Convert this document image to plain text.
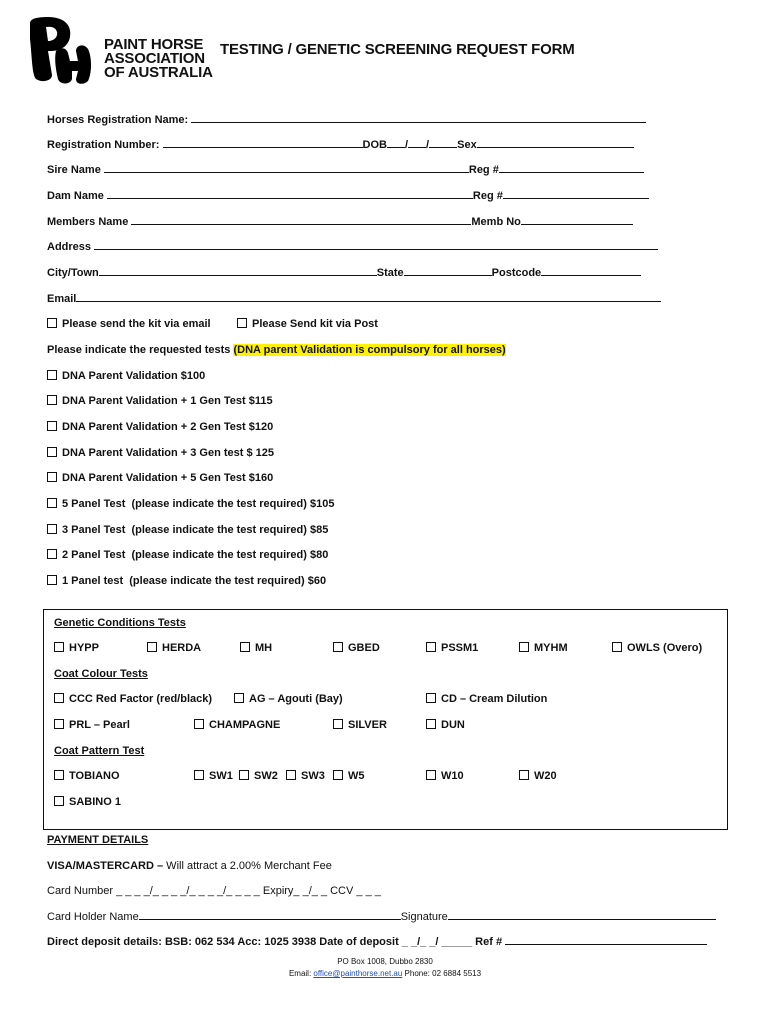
PAINT HORSE
ASSOCIATION
OF AUSTRALIA
TESTING / GENETIC SCREENING REQUEST FORM
Horses Registration Name:
Registration Number:	DOB / /	Sex
Sire Name	Reg #
Dam Name	Reg #
Members Name	Memb No
Address
City/Town	State	Postcode
Email
Please send the kit via email	Please Send kit via Post
Please indicate the requested tests (DNA parent Validation is compulsory for all horses)
DNA Parent Validation $100
DNA Parent Validation + 1 Gen Test $115
DNA Parent Validation + 2 Gen Test $120
DNA Parent Validation + 3 Gen test $ 125
DNA Parent Validation + 5 Gen Test $160
5 Panel Test  (please indicate the test required) $105
3 Panel Test  (please indicate the test required) $85
2 Panel Test  (please indicate the test required) $80
1 Panel test  (please indicate the test required) $60
Genetic Conditions Tests
HYPP	HERDA	MH	GBED	PSSM1	MYHM	OWLS (Overo)
Coat Colour Tests
CCC Red Factor (red/black)	AG – Agouti (Bay)	CD – Cream Dilution
PRL – Pearl	CHAMPAGNE	SILVER	DUN
Coat Pattern Test
TOBIANO	SW1	SW2	SW3	W5	W10	W20
SABINO 1
PAYMENT DETAILS
VISA/MASTERCARD – Will attract a 2.00% Merchant Fee
Card Number _ _ _ _/_ _ _ _/_ _ _ _/_ _ _ _ Expiry_ _/_ _ CCV _ _ _
Card Holder Name	Signature
Direct deposit details: BSB: 062 534 Acc: 1025 3938 Date of deposit _ _/_ _/ _____ Ref #
PO Box 1008, Dubbo 2830
Email: office@painthorse.net.au Phone: 02 6884 5513
